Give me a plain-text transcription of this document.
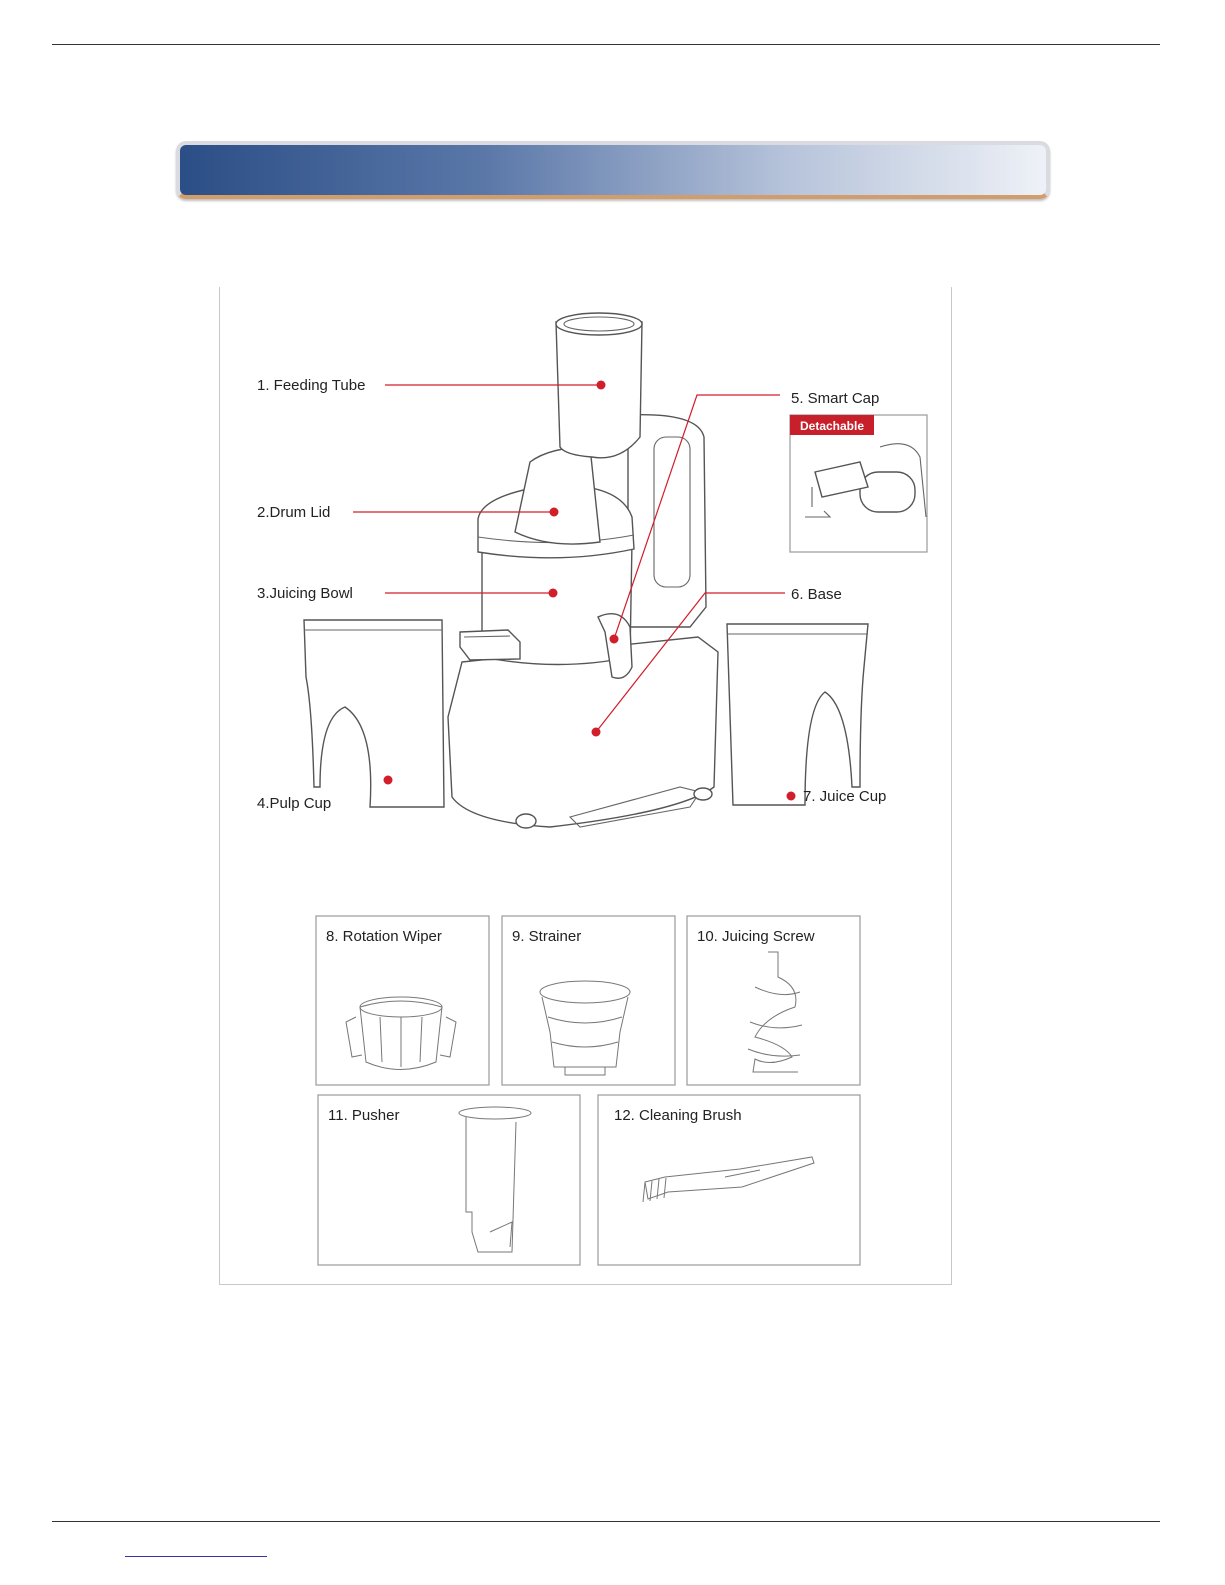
Detachable
1. Feeding Tube
2.Drum Lid
3.Juicing Bowl
4.Pulp Cup
5. Smart Cap
6. Base
7. Juice Cup
8. Rotation Wiper	9. Strainer	10. Juicing Screw
11. Pusher	12. Cleaning Brush
